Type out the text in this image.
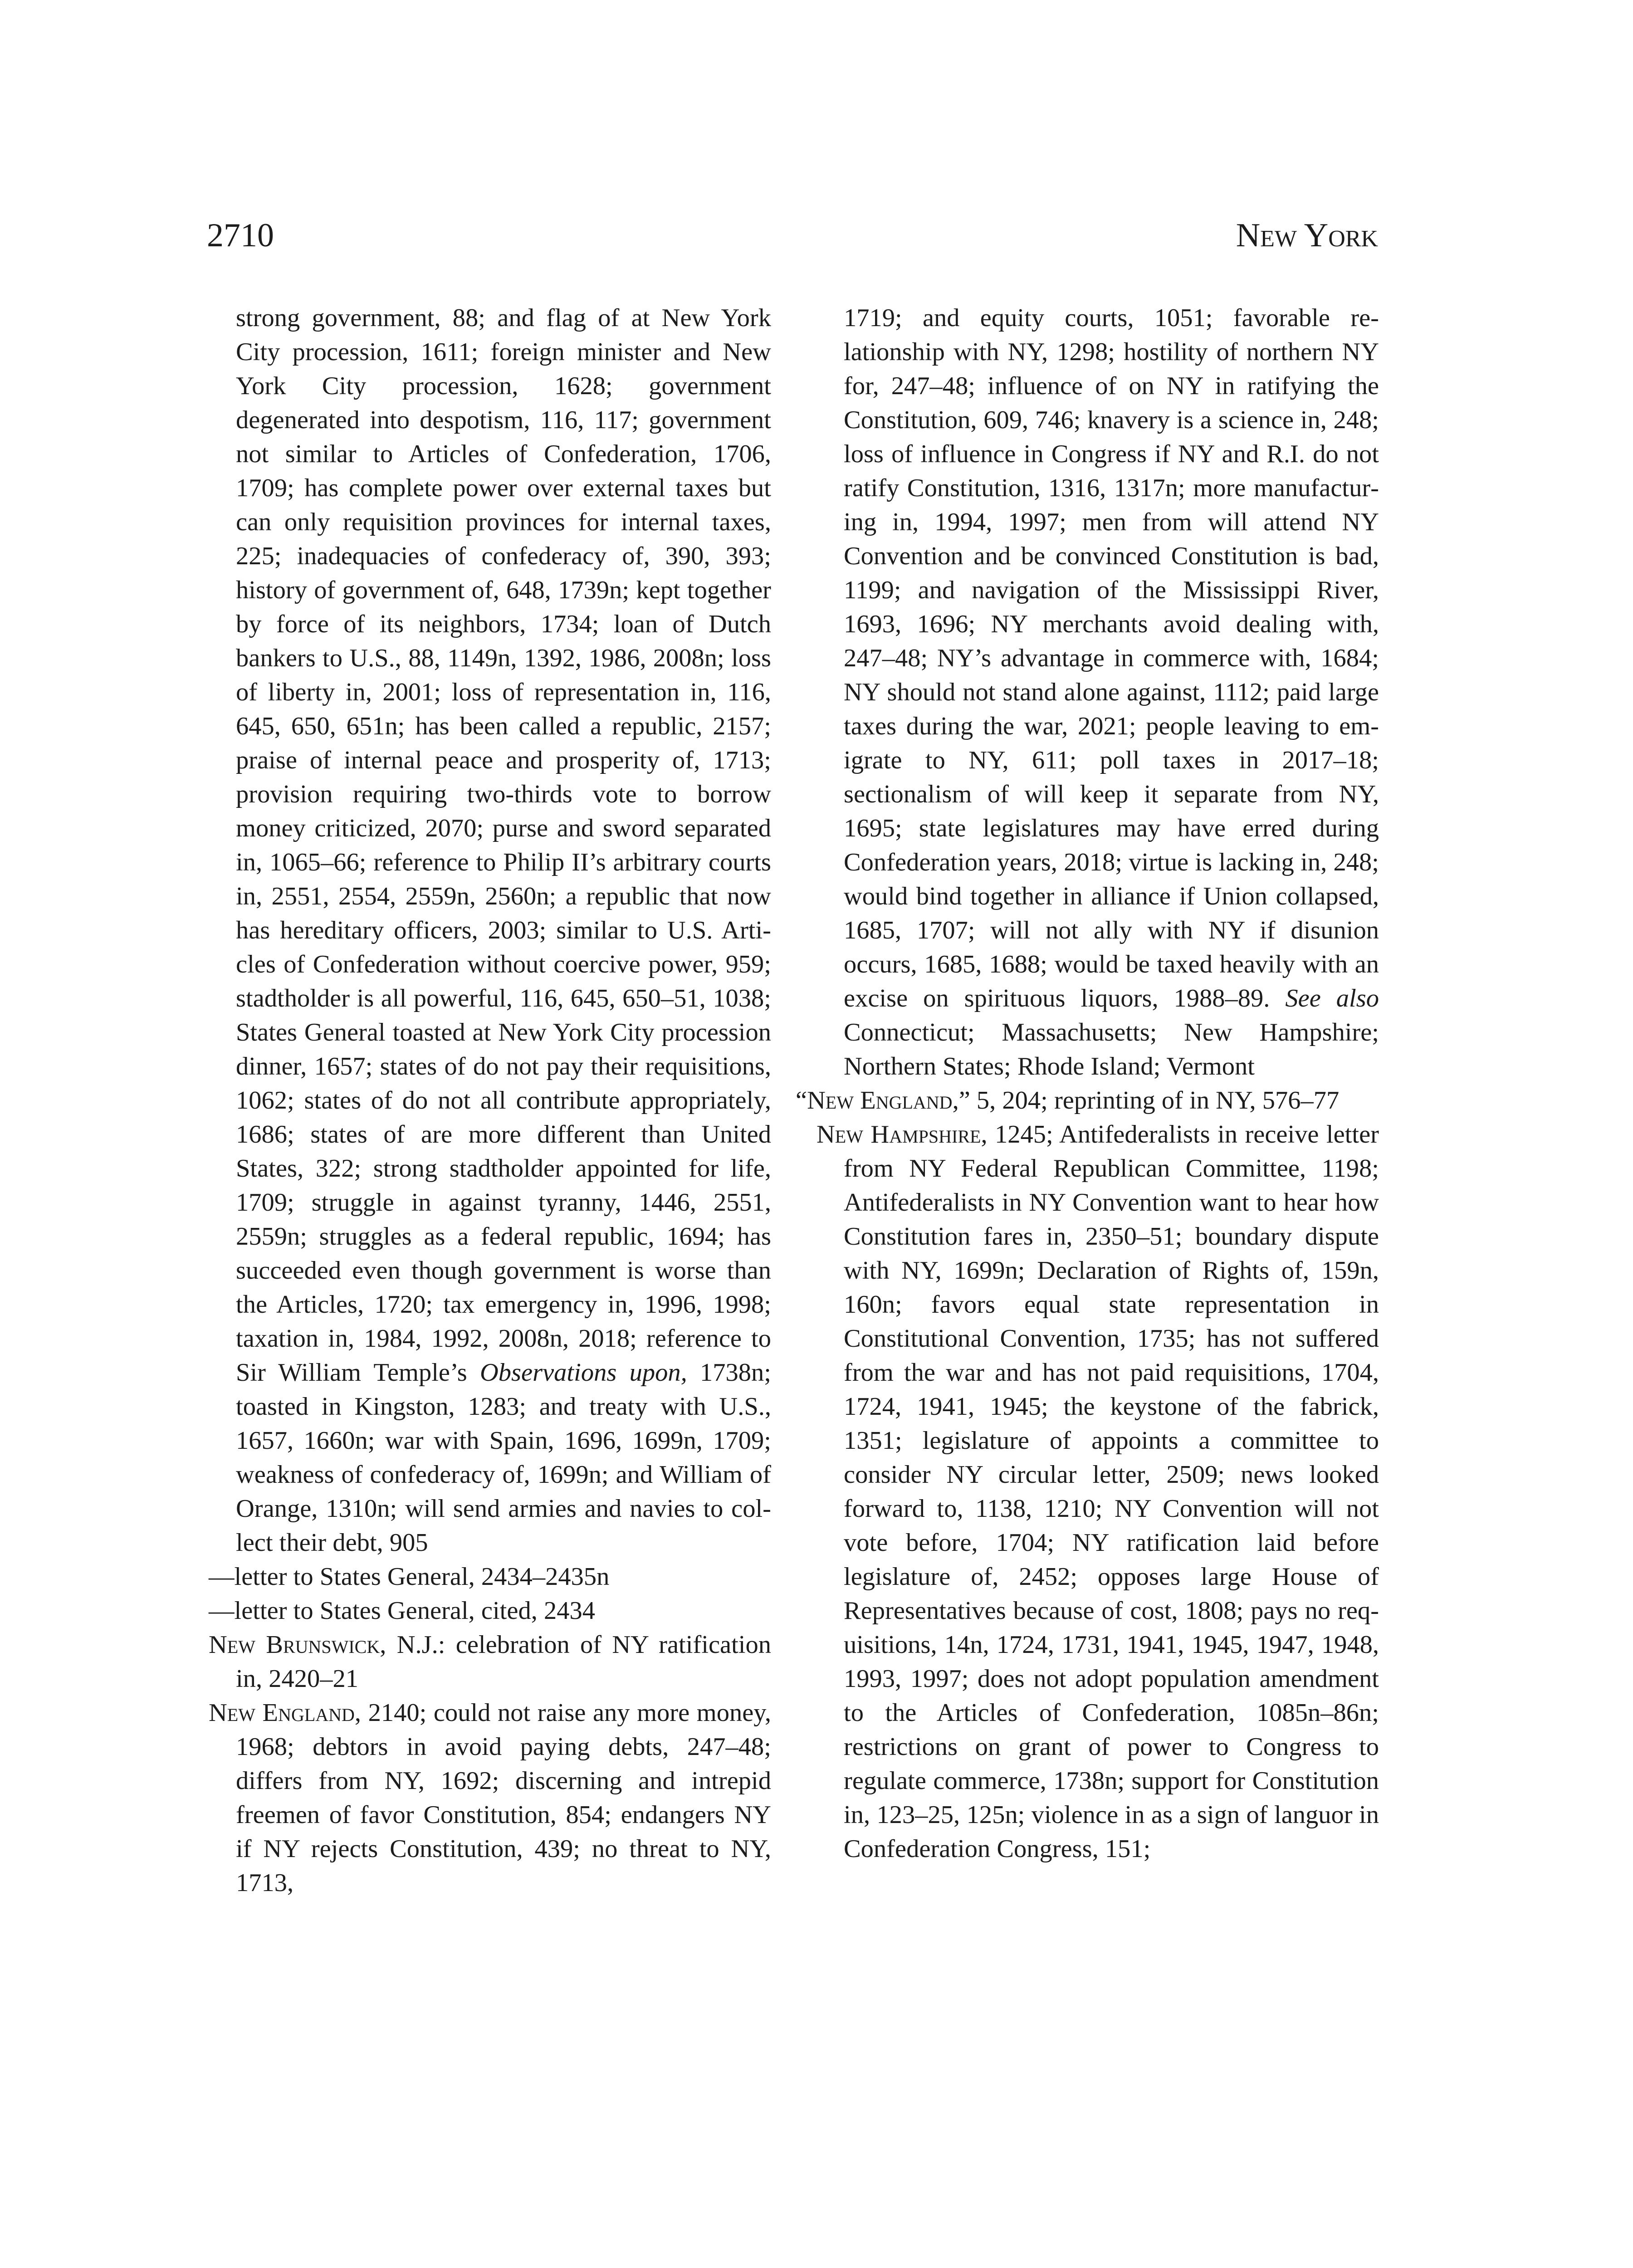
2710	New York

strong government, 88; and flag of at New York City procession, 1611; foreign minister and New York City procession, 1628; government degenerated into despotism, 116, 117; government not similar to Articles of Confederation, 1706, 1709; has complete power over external taxes but can only requisition provinces for internal taxes, 225; inadequacies of confederacy of, 390, 393; history of government of, 648, 1739n; kept together by force of its neighbors, 1734; loan of Dutch bankers to U.S., 88, 1149n, 1392, 1986, 2008n; loss of liberty in, 2001; loss of representation in, 116, 645, 650, 651n; has been called a republic, 2157; praise of internal peace and prosperity of, 1713; provision requiring two-thirds vote to borrow money criticized, 2070; purse and sword separated in, 1065–66; reference to Philip II’s arbitrary courts in, 2551, 2554, 2559n, 2560n; a republic that now has hereditary officers, 2003; similar to U.S. Articles of Confederation without coercive power, 959; stadtholder is all powerful, 116, 645, 650–51, 1038; States General toasted at New York City procession dinner, 1657; states of do not pay their requisitions, 1062; states of do not all contribute appropriately, 1686; states of are more different than United States, 322; strong stadtholder appointed for life, 1709; struggle in against tyranny, 1446, 2551, 2559n; struggles as a federal republic, 1694; has succeeded even though government is worse than the Articles, 1720; tax emergency in, 1996, 1998; taxation in, 1984, 1992, 2008n, 2018; reference to Sir William Temple’s Observations upon, 1738n; toasted in Kingston, 1283; and treaty with U.S., 1657, 1660n; war with Spain, 1696, 1699n, 1709; weakness of confederacy of, 1699n; and William of Orange, 1310n; will send armies and navies to collect their debt, 905

—letter to States General, 2434–2435n

—letter to States General, cited, 2434

New Brunswick, N.J.: celebration of NY ratification in, 2420–21

New England, 2140; could not raise any more money, 1968; debtors in avoid paying debts, 247–48; differs from NY, 1692; discerning and intrepid freemen of favor Constitution, 854; endangers NY if NY rejects Constitution, 439; no threat to NY, 1713,

1719; and equity courts, 1051; favorable relationship with NY, 1298; hostility of northern NY for, 247–48; influence of on NY in ratifying the Constitution, 609, 746; knavery is a science in, 248; loss of influence in Congress if NY and R.I. do not ratify Constitution, 1316, 1317n; more manufacturing in, 1994, 1997; men from will attend NY Convention and be convinced Constitution is bad, 1199; and navigation of the Mississippi River, 1693, 1696; NY merchants avoid dealing with, 247–48; NY’s advantage in commerce with, 1684; NY should not stand alone against, 1112; paid large taxes during the war, 2021; people leaving to emigrate to NY, 611; poll taxes in 2017–18; sectionalism of will keep it separate from NY, 1695; state legislatures may have erred during Confederation years, 2018; virtue is lacking in, 248; would bind together in alliance if Union collapsed, 1685, 1707; will not ally with NY if disunion occurs, 1685, 1688; would be taxed heavily with an excise on spirituous liquors, 1988–89. See also Connecticut; Massachusetts; New Hampshire; Northern States; Rhode Island; Vermont

“New England,” 5, 204; reprinting of in NY, 576–77

New Hampshire, 1245; Antifederalists in receive letter from NY Federal Republican Committee, 1198; Antifederalists in NY Convention want to hear how Constitution fares in, 2350–51; boundary dispute with NY, 1699n; Declaration of Rights of, 159n, 160n; favors equal state representation in Constitutional Convention, 1735; has not suffered from the war and has not paid requisitions, 1704, 1724, 1941, 1945; the keystone of the fabrick, 1351; legislature of appoints a committee to consider NY circular letter, 2509; news looked forward to, 1138, 1210; NY Convention will not vote before, 1704; NY ratification laid before legislature of, 2452; opposes large House of Representatives because of cost, 1808; pays no requisitions, 14n, 1724, 1731, 1941, 1945, 1947, 1948, 1993, 1997; does not adopt population amendment to the Articles of Confederation, 1085n–86n; restrictions on grant of power to Congress to regulate commerce, 1738n; support for Constitution in, 123–25, 125n; violence in as a sign of languor in Confederation Congress, 151;
